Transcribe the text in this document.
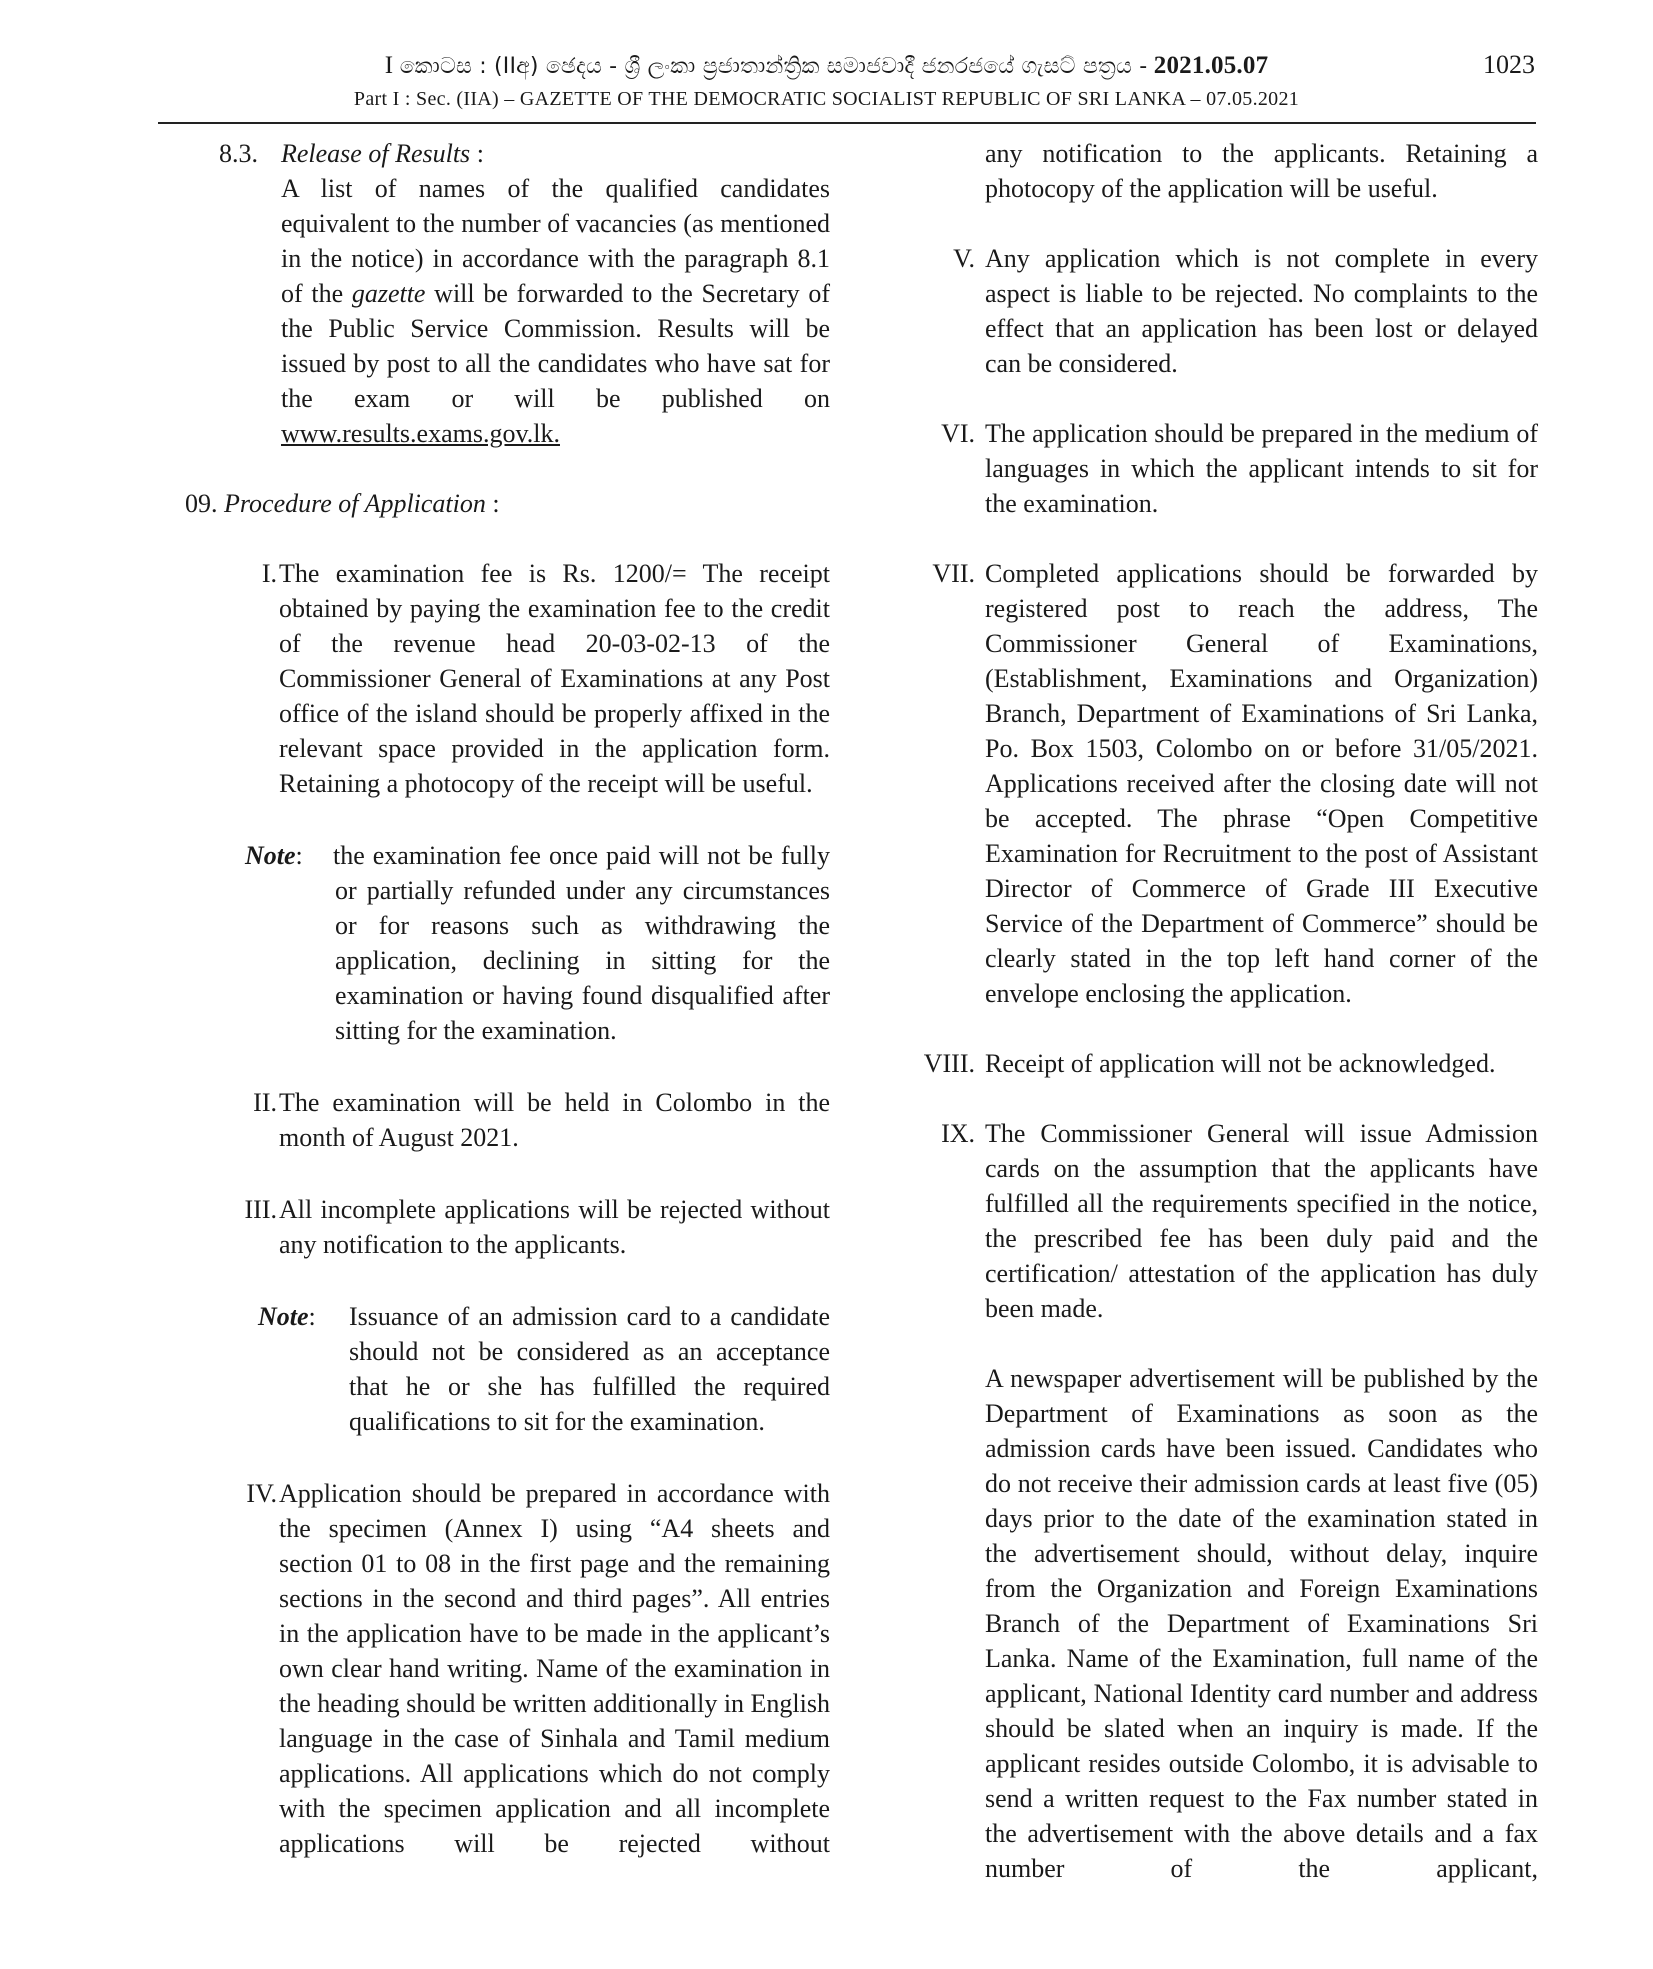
I කොටස : (IIඅ) ඡෙදය - ශ්‍රී ලංකා ප්‍රජාතාන්ත්‍රික සමාජවාදී ජනරජයේ ගැසට් පත්‍රය - 2021.05.07	1023
Part I : Sec. (IIA) – GAZETTE OF THE DEMOCRATIC SOCIALIST REPUBLIC OF SRI LANKA – 07.05.2021
8.3. Release of Results :

A list of names of the qualified candidates equivalent to the number of vacancies (as mentioned in the notice) in accordance with the paragraph 8.1 of the gazette will be forwarded to the Secretary of the Public Service Commission. Results will be issued by post to all the candidates who have sat for the exam or will be published on www.results.exams.gov.lk.

09. Procedure of Application :

I. The examination fee is Rs. 1200/= The receipt obtained by paying the examination fee to the credit of the revenue head 20-03-02-13 of the Commissioner General of Examinations at any Post office of the island should be properly affixed in the relevant space provided in the application form. Retaining a photocopy of the receipt will be useful.

Note: the examination fee once paid will not be fully or partially refunded under any circumstances or for reasons such as withdrawing the application, declining in sitting for the examination or having found disqualified after sitting for the examination.

II. The examination will be held in Colombo in the month of August 2021.

III. All incomplete applications will be rejected without any notification to the applicants.

Note: Issuance of an admission card to a candidate should not be considered as an acceptance that he or she has fulfilled the required qualifications to sit for the examination.

IV. Application should be prepared in accordance with the specimen (Annex I) using “A4 sheets and section 01 to 08 in the first page and the remaining sections in the second and third pages”. All entries in the application have to be made in the applicant’s own clear hand writing. Name of the examination in the heading should be written additionally in English language in the case of Sinhala and Tamil medium applications. All applications which do not comply with the specimen application and all incomplete applications will be rejected without

any notification to the applicants. Retaining a photocopy of the application will be useful.

V. Any application which is not complete in every aspect is liable to be rejected. No complaints to the effect that an application has been lost or delayed can be considered.

VI. The application should be prepared in the medium of languages in which the applicant intends to sit for the examination.

VII. Completed applications should be forwarded by registered post to reach the address, The Commissioner General of Examinations, (Establishment, Examinations and Organization) Branch, Department of Examinations of Sri Lanka, Po. Box 1503, Colombo on or before 31/05/2021. Applications received after the closing date will not be accepted. The phrase “Open Competitive Examination for Recruitment to the post of Assistant Director of Commerce of Grade III Executive Service of the Department of Commerce” should be clearly stated in the top left hand corner of the envelope enclosing the application.

VIII. Receipt of application will not be acknowledged.

IX. The Commissioner General will issue Admission cards on the assumption that the applicants have fulfilled all the requirements specified in the notice, the prescribed fee has been duly paid and the certification/ attestation of the application has duly been made.

A newspaper advertisement will be published by the Department of Examinations as soon as the admission cards have been issued. Candidates who do not receive their admission cards at least five (05) days prior to the date of the examination stated in the advertisement should, without delay, inquire from the Organization and Foreign Examinations Branch of the Department of Examinations Sri Lanka. Name of the Examination, full name of the applicant, National Identity card number and address should be slated when an inquiry is made. If the applicant resides outside Colombo, it is advisable to send a written request to the Fax number stated in the advertisement with the above details and a fax number of the applicant,
